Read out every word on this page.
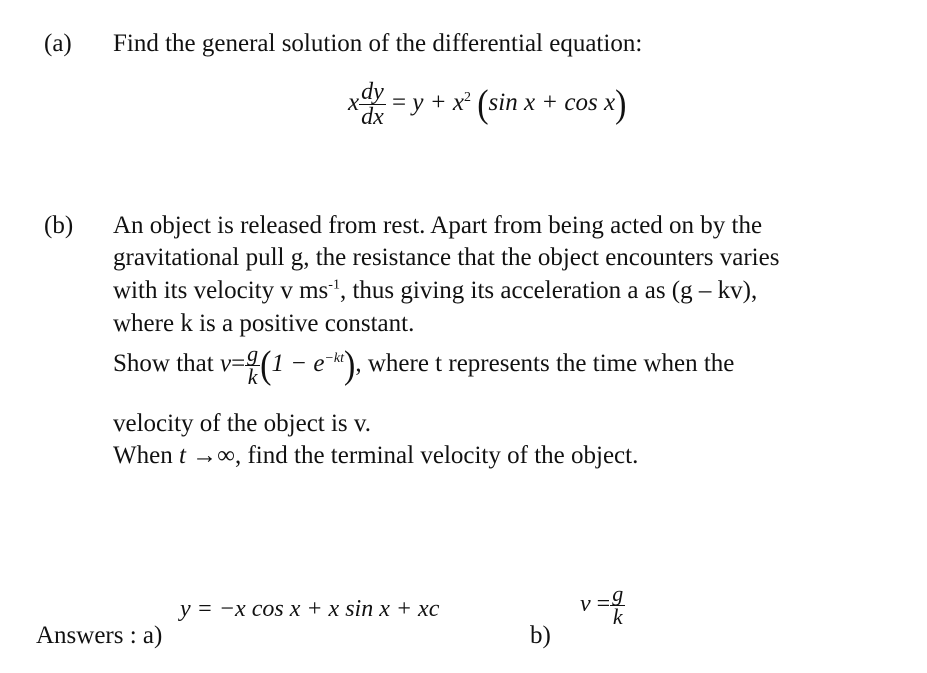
(a) Find the general solution of the differential equation:
x $\frac{dy}{dx} = y + x^2$ (sin x + cos x)
(b) An object is released from rest. Apart from being acted on by the
gravitational pull g, the resistance that the object encounters varies
with its velocity v $ms^{-1}$, thus giving its acceleration a as (g – kv),
where k is a positive constant.
Show that $v= \frac{g}{k} (1 - e^{-kt})$, where t represents the time when the
velocity of the object is v.
When t →∞, find the terminal velocity of the object.
Answers : a)
y = −x cos x + x sin x + xc
b)
$v = \frac{g}{k}$
